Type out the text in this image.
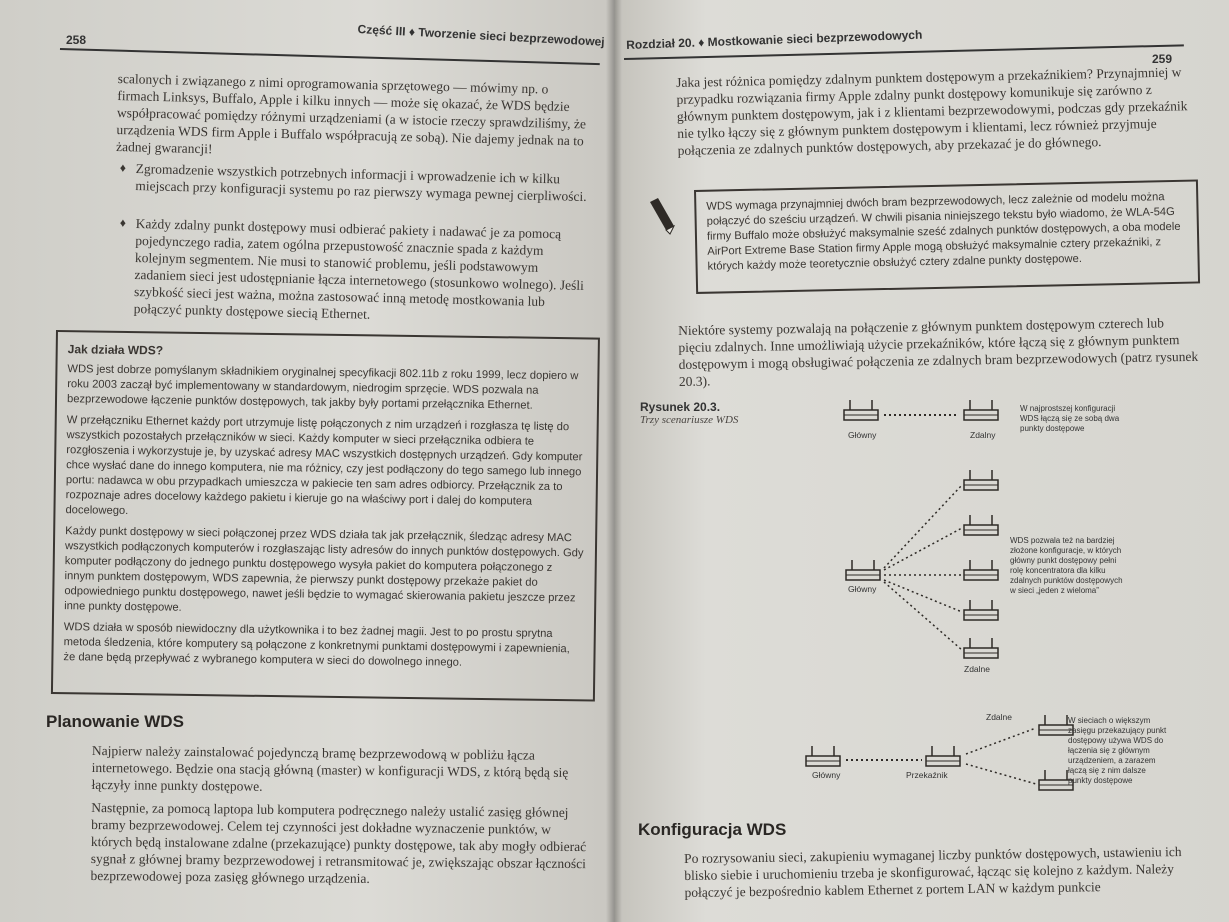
258	Część III ♦ Tworzenie sieci bezprzewodowej
scalonych i związanego z nimi oprogramowania sprzętowego — mówimy np. o firmach Linksys, Buffalo, Apple i kilku innych — może się okazać, że WDS będzie współpracować pomiędzy różnymi urządzeniami (a w istocie rzeczy sprawdziliśmy, że urządzenia WDS firm Apple i Buffalo współpracują ze sobą). Nie dajemy jednak na to żadnej gwarancji!
♦ Zgromadzenie wszystkich potrzebnych informacji i wprowadzenie ich w kilku miejscach przy konfiguracji systemu po raz pierwszy wymaga pewnej cierpliwości.
♦ Każdy zdalny punkt dostępowy musi odbierać pakiety i nadawać je za pomocą pojedynczego radia, zatem ogólna przepustowość znacznie spada z każdym kolejnym segmentem. Nie musi to stanowić problemu, jeśli podstawowym zadaniem sieci jest udostępnianie łącza internetowego (stosunkowo wolnego). Jeśli szybkość sieci jest ważna, można zastosować inną metodę mostkowania lub połączyć punkty dostępowe siecią Ethernet.
Jak działa WDS?

WDS jest dobrze pomyślanym składnikiem oryginalnej specyfikacji 802.11b z roku 1999, lecz dopiero w roku 2003 zaczął być implementowany w standardowym, niedrogim sprzęcie. WDS pozwala na bezprzewodowe łączenie punktów dostępowych, tak jakby były portami przełącznika Ethernet.

W przełączniku Ethernet każdy port utrzymuje listę połączonych z nim urządzeń i rozgłasza tę listę do wszystkich pozostałych przełączników w sieci. Każdy komputer w sieci przełącznika odbiera te rozgłoszenia i wykorzystuje je, by uzyskać adresy MAC wszystkich dostępnych urządzeń. Gdy komputer chce wysłać dane do innego komputera, nie ma różnicy, czy jest podłączony do tego samego lub innego portu: nadawca w obu przypadkach umieszcza w pakiecie ten sam adres odbiorcy. Przełącznik za to rozpoznaje adres docelowy każdego pakietu i kieruje go na właściwy port i dalej do komputera docelowego.

Każdy punkt dostępowy w sieci połączonej przez WDS działa tak jak przełącznik, śledząc adresy MAC wszystkich podłączonych komputerów i rozgłaszając listy adresów do innych punktów dostępowych. Gdy komputer podłączony do jednego punktu dostępowego wysyła pakiet do komputera połączonego z innym punktem dostępowym, WDS zapewnia, że pierwszy punkt dostępowy przekaże pakiet do odpowiedniego punktu dostępowego, nawet jeśli będzie to wymagać skierowania pakietu jeszcze przez inne punkty dostępowe.

WDS działa w sposób niewidoczny dla użytkownika i to bez żadnej magii. Jest to po prostu sprytna metoda śledzenia, które komputery są połączone z konkretnymi punktami dostępowymi i zapewnienia, że dane będą przepływać z wybranego komputera w sieci do dowolnego innego.

Planowanie WDS

Najpierw należy zainstalować pojedynczą bramę bezprzewodową w pobliżu łącza internetowego. Będzie ona stacją główną (master) w konfiguracji WDS, z którą będą się łączyły inne punkty dostępowe.

Następnie, za pomocą laptopa lub komputera podręcznego należy ustalić zasięg głównej bramy bezprzewodowej. Celem tej czynności jest dokładne wyznaczenie punktów, w których będą instalowane zdalne (przekazujące) punkty dostępowe, tak aby mogły odbierać sygnał z głównej bramy bezprzewodowej i retransmitować je, zwiększając obszar łączności bezprzewodowej poza zasięg głównego urządzenia.

Rozdział 20. ♦ Mostkowanie sieci bezprzewodowych
259
Jaka jest różnica pomiędzy zdalnym punktem dostępowym a przekaźnikiem? Przynajmniej w przypadku rozwiązania firmy Apple zdalny punkt dostępowy komunikuje się zarówno z głównym punktem dostępowym, jak i z klientami bezprzewodowymi, podczas gdy przekaźnik nie tylko łączy się z głównym punktem dostępowym i klientami, lecz również przyjmuje połączenia ze zdalnych punktów dostępowych, aby przekazać je do głównego.
WDS wymaga przynajmniej dwóch bram bezprzewodowych, lecz zależnie od modelu można połączyć do sześciu urządzeń. W chwili pisania niniejszego tekstu było wiadomo, że WLA-54G firmy Buffalo może obsłużyć maksymalnie sześć zdalnych punktów dostępowych, a oba modele AirPort Extreme Base Station firmy Apple mogą obsłużyć maksymalnie cztery przekaźniki, z których każdy może teoretycznie obsłużyć cztery zdalne punkty dostępowe.
Niektóre systemy pozwalają na połączenie z głównym punktem dostępowym czterech lub pięciu zdalnych. Inne umożliwiają użycie przekaźników, które łączą się z głównym punktem dostępowym i mogą obsługiwać połączenia ze zdalnych bram bezprzewodowych (patrz rysunek 20.3).
Rysunek 20.3.
Trzy scenariusze WDS
Główny	Zdalny
W najprostszej konfiguracji WDS łączą się ze sobą dwa punkty dostępowe
Główny
Zdalne
WDS pozwala też na bardziej złożone konfiguracje, w których główny punkt dostępowy pełni rolę koncentratora dla kilku zdalnych punktów dostępowych w sieci „jeden z wieloma”
Główny	Przekaźnik
Zdalne	W sieciach o większym zasięgu przekazujący punkt dostępowy używa WDS do łączenia się z głównym urządzeniem, a zarazem łączą się z nim dalsze punkty dostępowe
Konfiguracja WDS
Po rozrysowaniu sieci, zakupieniu wymaganej liczby punktów dostępowych, ustawieniu ich blisko siebie i uruchomieniu trzeba je skonfigurować, łącząc się kolejno z każdym. Należy połączyć je bezpośrednio kablem Ethernet z portem LAN w każdym punkcie
